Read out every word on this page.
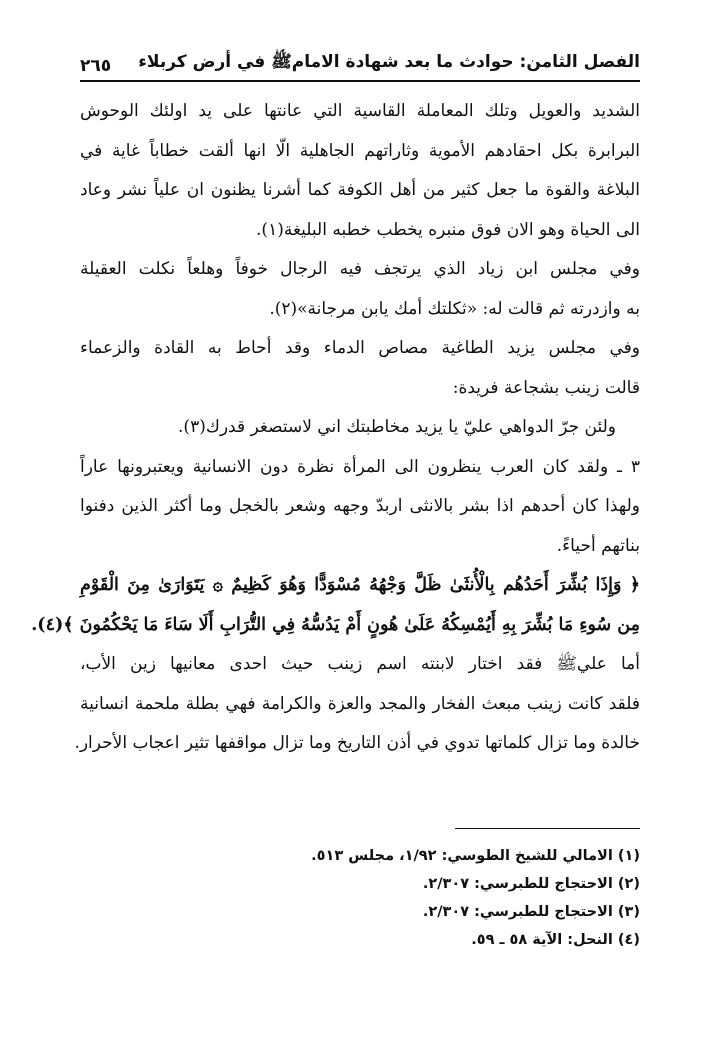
الفصل الثامن: حوادث ما بعد شهادة الامامﷺ في أرض كربلاء
٢٦٥
الشديد والعويل وتلك المعاملة القاسية التي عانتها على يد اولئك الوحوش
البرابرة بكل احقادهم الأموية وثاراتهم الجاهلية الّا انها ألقت خطاباً غاية في
البلاغة والقوة ما جعل كثير من أهل الكوفة كما أشرنا يظنون ان علياً نشر وعاد
الى الحياة وهو الان فوق منبره يخطب خطبه البليغة(١).
وفي مجلس ابن زياد الذي يرتجف فيه الرجال خوفاً وهلعاً نكلت العقيلة
به وازدرته ثم قالت له: «ثكلتك أمك يابن مرجانة»(٢).
وفي مجلس يزيد الطاغية مصاص الدماء وقد أحاط به القادة والزعماء
قالت زينب بشجاعة فريدة:
ولئن جرّ الدواهي عليّ يا يزيد مخاطبتك اني لاستصغر قدرك(٣).
٣ ـ ولقد كان العرب ينظرون الى المرأة نظرة دون الانسانية ويعتبرونها عاراً
ولهذا كان أحدهم اذا بشر بالانثى اربدّ وجهه وشعر بالخجل وما أكثر الذين دفنوا
بناتهم أحياءً.
﴿ وَإِذَا بُشِّرَ أَحَدُهُم بِالْأُنثَىٰ ظَلَّ وَجْهُهُ مُسْوَدًّا وَهُوَ كَظِيمٌ ۞ يَتَوَارَىٰ مِنَ الْقَوْمِ
مِن سُوءِ مَا بُشِّرَ بِهِ أَيُمْسِكُهُ عَلَىٰ هُونٍ أَمْ يَدُسُّهُ فِي التُّرَابِ أَلَا سَاءَ مَا يَحْكُمُونَ ﴾(٤).
أما عليﷺ فقد اختار لابنته اسم زينب حيث احدى معانيها زين الأب،
فلقد كانت زينب مبعث الفخار والمجد والعزة والكرامة فهي بطلة ملحمة انسانية
خالدة وما تزال كلماتها تدوي في أذن التاريخ وما تزال مواقفها تثير اعجاب الأحرار.
(١) الامالي للشيخ الطوسي: ١/٩٢، مجلس ٥١٣.
(٢) الاحتجاج للطبرسي: ٢/٣٠٧.
(٣) الاحتجاج للطبرسي: ٢/٣٠٧.
(٤) النحل: الآية ٥٨ ـ ٥٩.
